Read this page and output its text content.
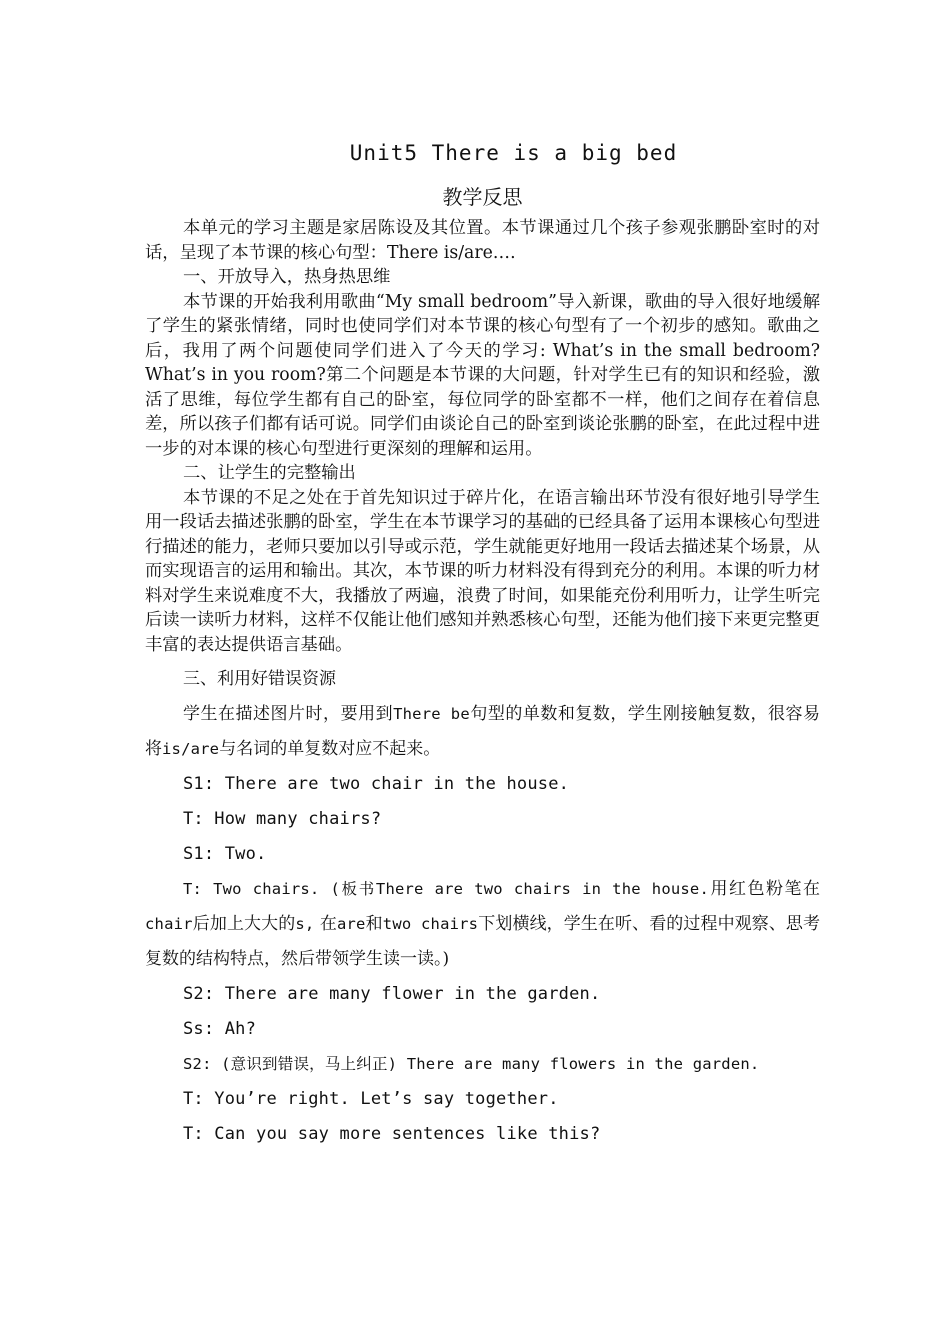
Unit5 There is a big bed
教学反思

本单元的学习主题是家居陈设及其位置。本节课通过几个孩子参观张鹏卧室时的对话，呈现了本节课的核心句型：There is/are….

一、开放导入，热身热思维

本节课的开始我利用歌曲“My small bedroom”导入新课，歌曲的导入很好地缓解了学生的紧张情绪，同时也使同学们对本节课的核心句型有了一个初步的感知。歌曲之后，我用了两个问题使同学们进入了今天的学习: What’s in the small bedroom? What’s in you room?第二个问题是本节课的大问题，针对学生已有的知识和经验，激活了思维，每位学生都有自己的卧室，每位同学的卧室都不一样，他们之间存在着信息差，所以孩子们都有话可说。同学们由谈论自己的卧室到谈论张鹏的卧室，在此过程中进一步的对本课的核心句型进行更深刻的理解和运用。

二、让学生的完整输出

本节课的不足之处在于首先知识过于碎片化，在语言输出环节没有很好地引导学生用一段话去描述张鹏的卧室，学生在本节课学习的基础的已经具备了运用本课核心句型进行描述的能力，老师只要加以引导或示范，学生就能更好地用一段话去描述某个场景，从而实现语言的运用和输出。其次，本节课的听力材料没有得到充分的利用。本课的听力材料对学生来说难度不大，我播放了两遍，浪费了时间，如果能充份利用听力，让学生听完后读一读听力材料，这样不仅能让他们感知并熟悉核心句型，还能为他们接下来更完整更丰富的表达提供语言基础。

三、利用好错误资源

学生在描述图片时，要用到There be句型的单数和复数，学生刚接触复数，很容易将is/are与名词的单复数对应不起来。

S1: There are two chair in the house.

T: How many chairs?

S1: Two.

T: Two chairs. (板书There are two chairs in the house.用红色粉笔在chair后加上大大的s, 在are和two chairs下划横线，学生在听、看的过程中观察、思考复数的结构特点，然后带领学生读一读。)

S2: There are many flower in the garden.

Ss: Ah?

S2: (意识到错误，马上纠正) There are many flowers in the garden.

T: You’re right. Let’s say together.

T: Can you say more sentences like this?
